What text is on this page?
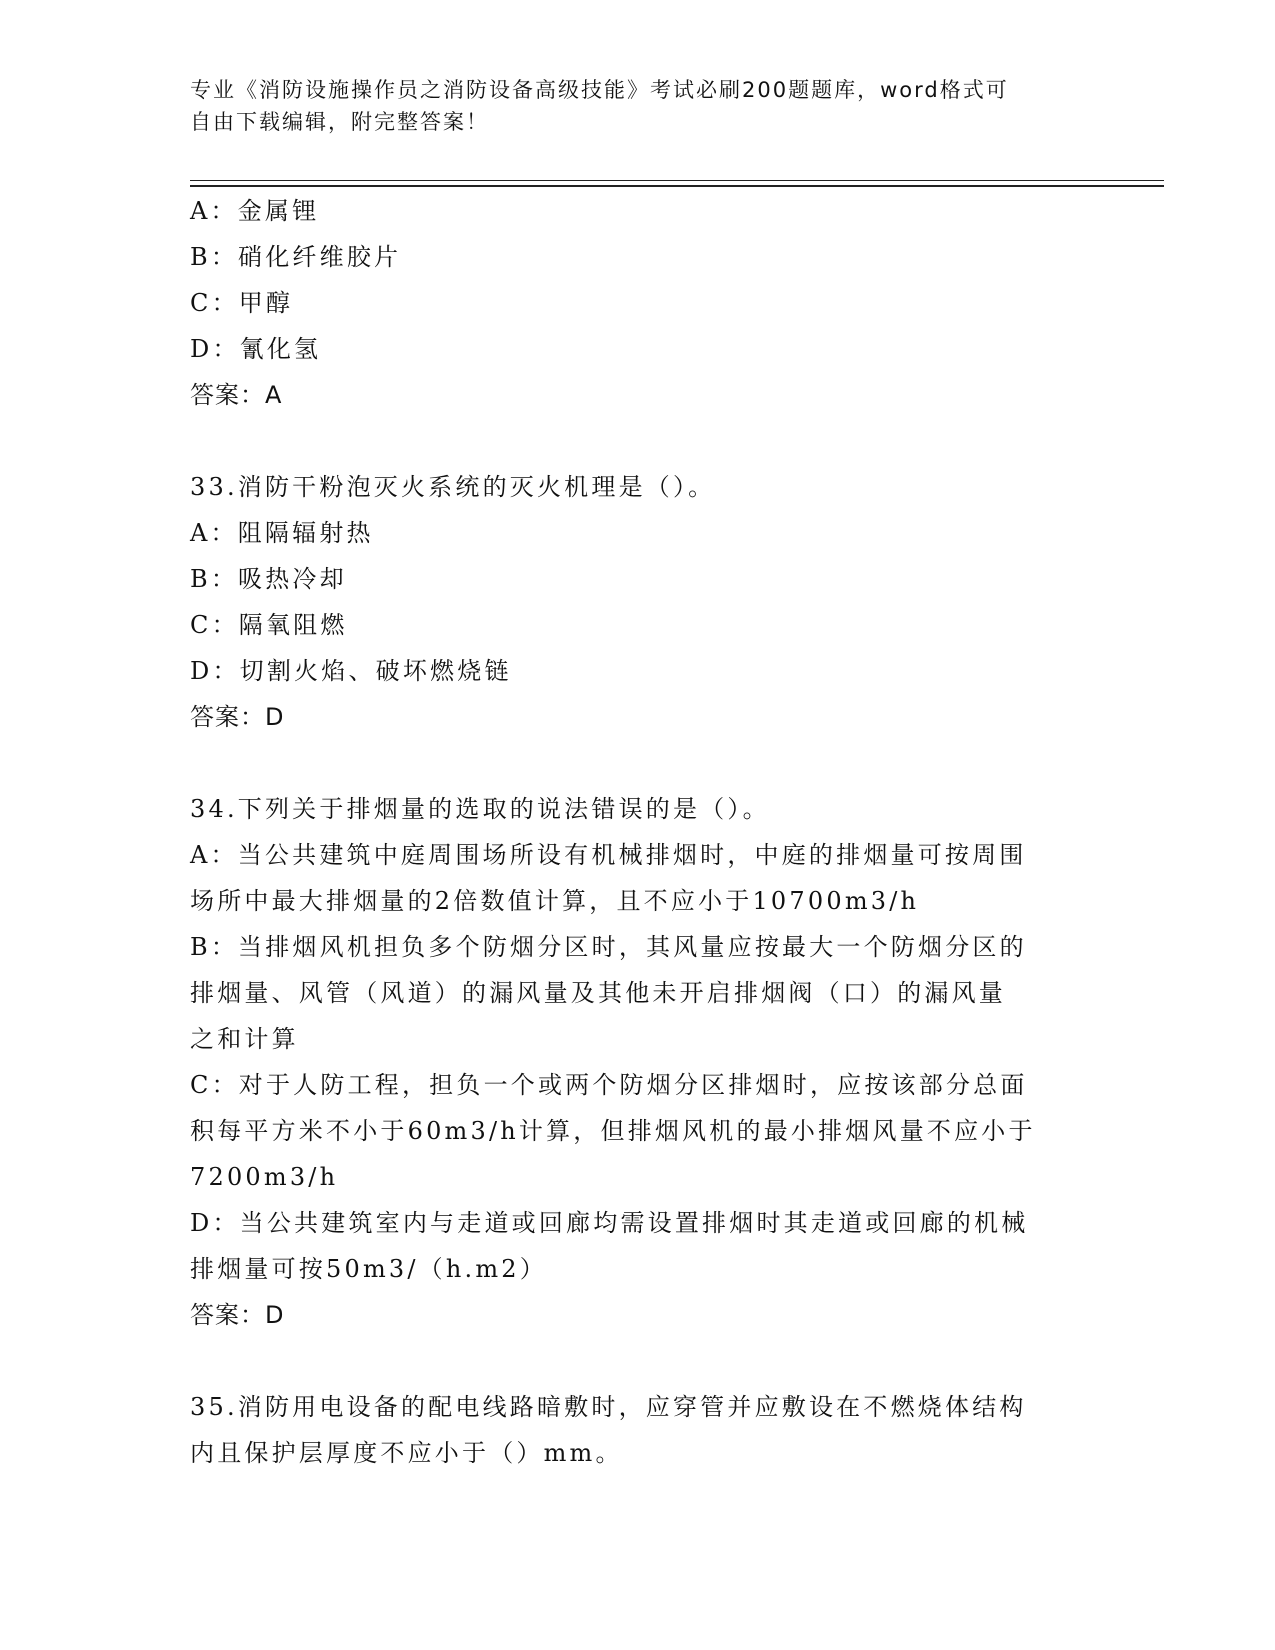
专业《消防设施操作员之消防设备高级技能》考试必刷200题题库，word格式可
自由下载编辑，附完整答案！
A：金属锂
B：硝化纤维胶片
C：甲醇
D：氰化氢
答案：A
33.消防干粉泡灭火系统的灭火机理是（）。
A：阻隔辐射热
B：吸热冷却
C：隔氧阻燃
D：切割火焰、破坏燃烧链
答案：D
34.下列关于排烟量的选取的说法错误的是（）。
A：当公共建筑中庭周围场所设有机械排烟时，中庭的排烟量可按周围
场所中最大排烟量的2倍数值计算，且不应小于10700m3/h
B：当排烟风机担负多个防烟分区时，其风量应按最大一个防烟分区的
排烟量、风管（风道）的漏风量及其他未开启排烟阀（口）的漏风量
之和计算
C：对于人防工程，担负一个或两个防烟分区排烟时，应按该部分总面
积每平方米不小于60m3/h计算，但排烟风机的最小排烟风量不应小于
7200m3/h
D：当公共建筑室内与走道或回廊均需设置排烟时其走道或回廊的机械
排烟量可按50m3/（h.m2）
答案：D
35.消防用电设备的配电线路暗敷时，应穿管并应敷设在不燃烧体结构
内且保护层厚度不应小于（）mm。
